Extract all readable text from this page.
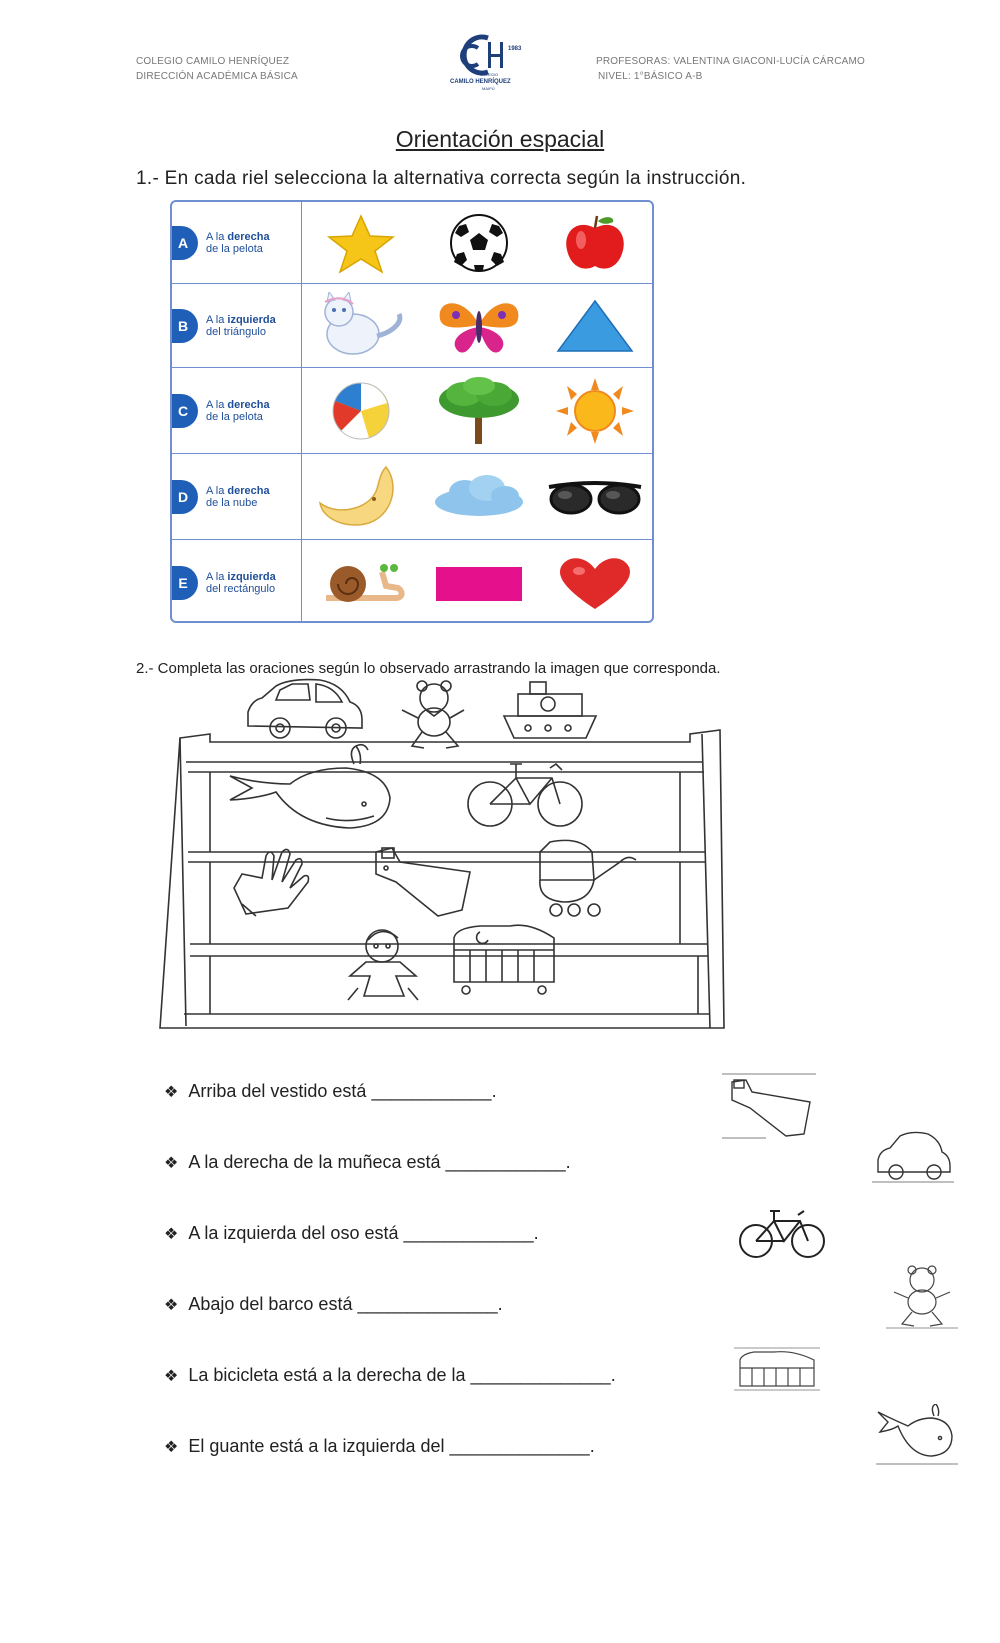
COLEGIO CAMILO HENRÍQUEZ
DIRECCIÓN ACADÉMICA BÁSICA
PROFESORAS: VALENTINA GIACONI-LUCÍA CÁRCAMO
NIVEL: 1°BÁSICO A-B
1983
COLEGIO
CAMILO HENRÍQUEZ
MAIPÚ
Orientación espacial
1.- En cada riel selecciona la alternativa correcta según la instrucción.
A	A la derecha
de la pelota
B	A la izquierda
del triángulo
C	A la derecha
de la pelota
D	A la derecha
de la nube
E	A la izquierda
del rectángulo
2.- Completa las oraciones según lo observado arrastrando la imagen que corresponda.
❖ Arriba del vestido está ____________.
❖ A la derecha de la muñeca está ____________.
❖ A la izquierda del oso está _____________.
❖ Abajo del barco está ______________.
❖ La bicicleta está a la derecha de la ______________.
❖ El guante está a la izquierda del ______________.
